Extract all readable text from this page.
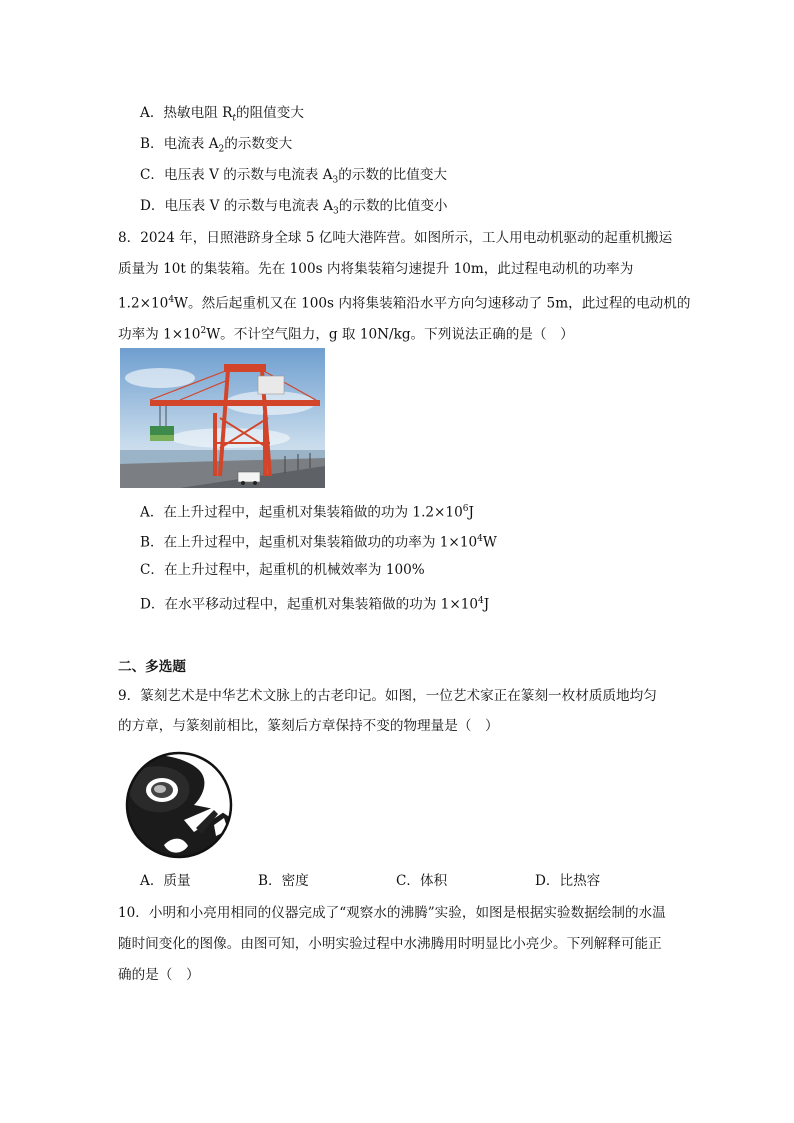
A．热敏电阻 $R_t$的阻值变大
B．电流表 $A_2$的示数变大
C．电压表 V 的示数与电流表 $A_3$的示数的比值变大
D．电压表 V 的示数与电流表 $A_3$的示数的比值变小
8．2024 年，日照港跻身全球 5 亿吨大港阵营。如图所示，工人用电动机驱动的起重机搬运
质量为 10t 的集装箱。先在 100s 内将集装箱匀速提升 10m，此过程电动机的功率为
$1.2\times 10^4W$。然后起重机又在 100s 内将集装箱沿水平方向匀速移动了 5m，此过程的电动机的
功率为 $1\times 10^2W$。不计空气阻力，g 取 10N/kg。下列说法正确的是（　）
A．在上升过程中，起重机对集装箱做的功为 $1.2\times 10^6J$
B．在上升过程中，起重机对集装箱做功的功率为 $1\times 10^4W$
C．在上升过程中，起重机的机械效率为 100%
D．在水平移动过程中，起重机对集装箱做的功为 $1\times 10^4J$
二、多选题
9．篆刻艺术是中华艺术文脉上的古老印记。如图，一位艺术家正在篆刻一枚材质质地均匀
的方章，与篆刻前相比，篆刻后方章保持不变的物理量是（　）
A．质量	B．密度	C．体积	D．比热容
10．小明和小亮用相同的仪器完成了“观察水的沸腾”实验，如图是根据实验数据绘制的水温
随时间变化的图像。由图可知，小明实验过程中水沸腾用时明显比小亮少。下列解释可能正
确的是（　）
